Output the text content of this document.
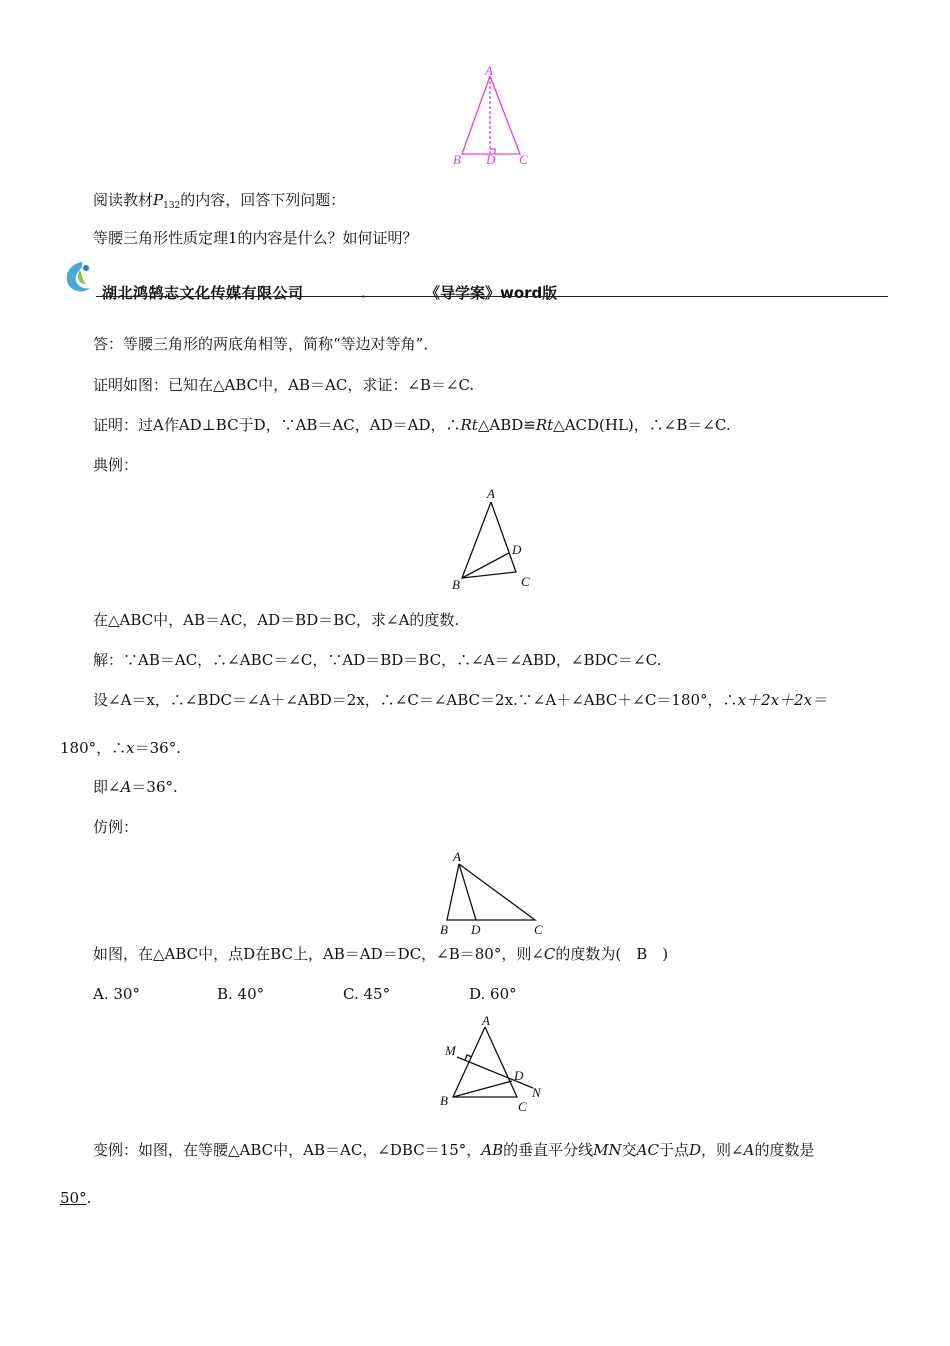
A
B D C
阅读教材$P_{132}$的内容，回答下列问题：
等腰三角形性质定理1的内容是什么？如何证明？
湖北鸿鹄志文化传媒有限公司	《导学案》word版
答：等腰三角形的两底角相等，简称“等边对等角”．
证明如图：已知在△ABC中，AB＝AC，求证：∠B＝∠C.
证明：过A作AD⊥BC于D，∵AB＝AC，AD＝AD，∴Rt△ABD≌Rt△ACD(HL)，∴∠B＝∠C.
典例：
A
D
B	C
在△ABC中，AB＝AC，AD＝BD＝BC，求∠A的度数.
解：∵AB＝AC，∴∠ABC＝∠C，∵AD＝BD＝BC，∴∠A＝∠ABD，∠BDC＝∠C.
设∠A＝x，∴∠BDC＝∠A＋∠ABD＝2x，∴∠C＝∠ABC＝2x.∵∠A＋∠ABC＋∠C＝180°，∴x＋2x＋2x＝
180°，∴x＝36°.
即∠A＝36°.
仿例：
A
B D	C
如图，在△ABC中，点D在BC上，AB＝AD＝DC，∠B＝80°，则∠C的度数为(　B　)
A. 30°	B. 40°	C. 45°	D. 60°
A
M
D
N
B	C
变例：如图，在等腰△ABC中，AB＝AC，∠DBC＝15°，AB的垂直平分线MN交AC于点D，则∠A的度数是
50°.
